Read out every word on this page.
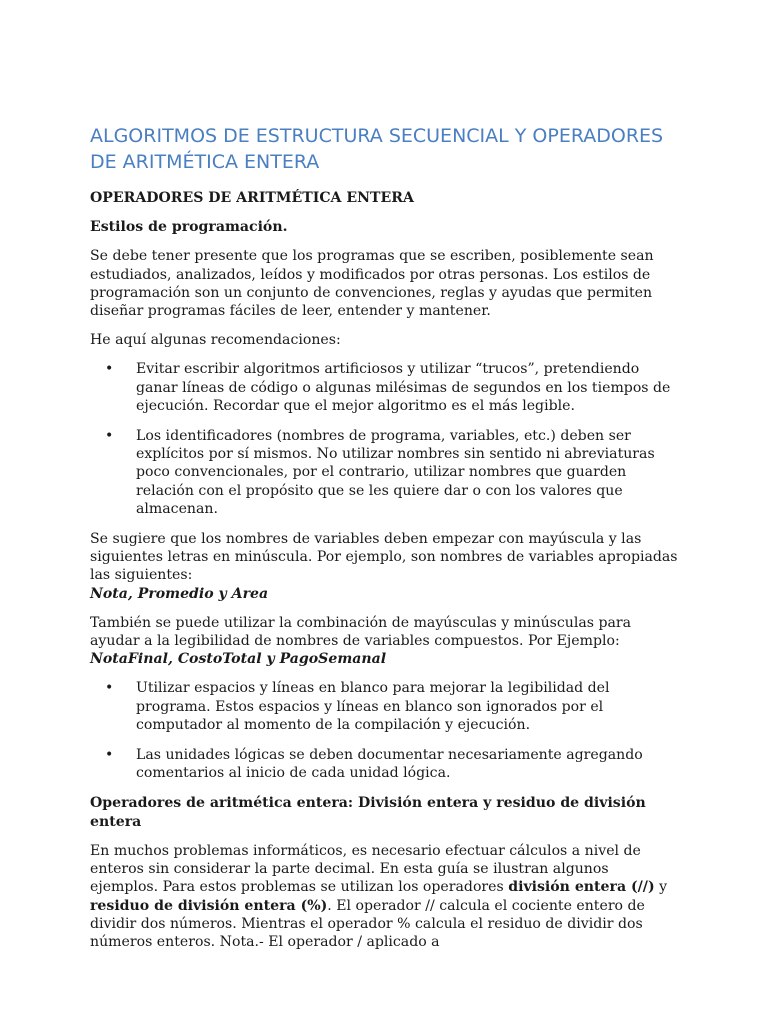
ALGORITMOS DE ESTRUCTURA SECUENCIAL Y OPERADORES DE ARITMÉTICA ENTERA
OPERADORES DE ARITMÉTICA ENTERA
Estilos de programación.

Se debe tener presente que los programas que se escriben, posiblemente sean estudiados, analizados, leídos y modificados por otras personas. Los estilos de programación son un conjunto de convenciones, reglas y ayudas que permiten diseñar programas fáciles de leer, entender y mantener.

He aquí algunas recomendaciones:

• Evitar escribir algoritmos artificiosos y utilizar “trucos”, pretendiendo ganar líneas de código o algunas milésimas de segundos en los tiempos de ejecución. Recordar que el mejor algoritmo es el más legible.
• Los identificadores (nombres de programa, variables, etc.) deben ser explícitos por sí mismos. No utilizar nombres sin sentido ni abreviaturas poco convencionales, por el contrario, utilizar nombres que guarden relación con el propósito que se les quiere dar o con los valores que almacenan.

Se sugiere que los nombres de variables deben empezar con mayúscula y las siguientes letras en minúscula. Por ejemplo, son nombres de variables apropiadas las siguientes:
Nota, Promedio y Area

También se puede utilizar la combinación de mayúsculas y minúsculas para ayudar a la legibilidad de nombres de variables compuestos. Por Ejemplo: NotaFinal, CostoTotal y PagoSemanal

• Utilizar espacios y líneas en blanco para mejorar la legibilidad del programa. Estos espacios y líneas en blanco son ignorados por el computador al momento de la compilación y ejecución.
• Las unidades lógicas se deben documentar necesariamente agregando comentarios al inicio de cada unidad lógica.
Operadores de aritmética entera: División entera y residuo de división entera

En muchos problemas informáticos, es necesario efectuar cálculos a nivel de enteros sin considerar la parte decimal. En esta guía se ilustran algunos ejemplos. Para estos problemas se utilizan los operadores división entera (//) y residuo de división entera (%). El operador // calcula el cociente entero de dividir dos números. Mientras el operador % calcula el residuo de dividir dos números enteros. Nota.- El operador / aplicado a
